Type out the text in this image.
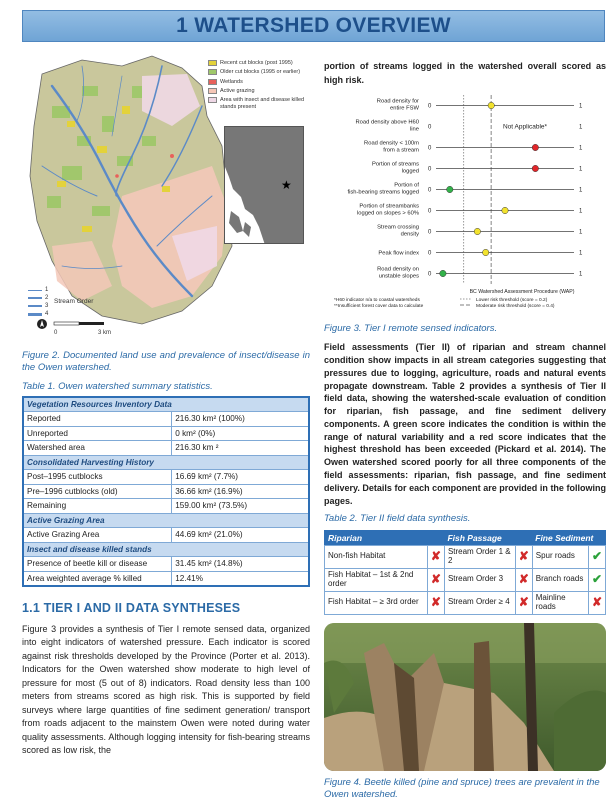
1 WATERSHED OVERVIEW
Recent cut blocks (post 1995)
Older cut blocks (1995 or earlier)
Wetlands
Active grazing
Area with insect and disease killed stands present
★
1
2
3
4
Stream Order
0	3 km

Figure 2. Documented land use and prevalence of insect/disease in the Owen watershed.

Table 1. Owen watershed summary statistics.

Vegetation Resources Inventory Data	
Reported	216.30 km² (100%)
Unreported	0 km² (0%)
Watershed area	216.30 km ²
Consolidated Harvesting History	
Post–1995 cutblocks	16.69 km² (7.7%)
Pre–1996 cutblocks (old)	36.66 km² (16.9%)
Remaining	159.00 km² (73.5%)
Active Grazing Area	
Active Grazing Area	44.69 km² (21.0%)
Insect and disease killed stands	
Presence of beetle kill or disease	31.45 km² (14.8%)
Area weighted average % killed	12.41%
1.1 TIER I AND II DATA SYNTHESES

Figure 3 provides a synthesis of Tier I remote sensed data, organized into eight indicators of watershed pressure. Each indicator is scored against risk thresholds developed by the Province (Porter et al. 2013). Indicators for the Owen watershed show moderate to high level of pressure for most (5 out of 8) indicators. Road density less than 100 meters from streams scored as high risk. This is supported by field surveys where large quantities of fine sediment generation/ transport from roads adjacent to the mainstem Owen were noted during water quality assessments. Although logging intensity for fish-bearing streams scored as low risk, the

portion of streams logged in the watershed overall scored as high risk.

Road density for entire FSW 0	1
Road density above H60 line 0	1
Not Applicable*
Road density < 100m from a stream 0	1
Portion of streams logged 0	1
Portion of fish-bearing streams logged 0	1
Portion of streambanks logged on slopes > 60% 0	1
Stream crossing density 0	1
Peak flow index 0	1
Road density on unstable slopes 0	1
BC Watershed Assessment Procedure (WAP)
*H60 indicator n/a to coastal watersheds
**Insufficient forest cover data to calculate
Lower risk threshold (score = 0.2)
Moderate risk threshold (score = 0.4)

Figure 3. Tier I remote sensed indicators.

Field assessments (Tier II) of riparian and stream channel condition show impacts in all stream categories suggesting that pressures due to logging, agriculture, roads and natural events propagate downstream. Table 2 provides a synthesis of Tier II field data, showing the watershed-scale evaluation of condition for riparian, fish passage, and fine sediment delivery components. A green score indicates the condition is within the range of natural variability and a red score indicates that the highest threshold has been exceeded (Pickard et al. 2014). The Owen watershed scored poorly for all three components of the field assessments: riparian, fish passage, and fine sediment delivery. Details for each component are provided in the following pages.

Table 2. Tier II field data synthesis.

Riparian		Fish Passage		Fine Sediment	
Non-fish Habitat	✘	Stream Order 1 & 2	✘	Spur roads	✔
Fish Habitat – 1st & 2nd order	✘	Stream Order 3	✘	Branch roads	✔
Fish Habitat – ≥ 3rd order	✘	Stream Order ≥ 4	✘	Mainline roads	✘

Figure 4. Beetle killed (pine and spruce) trees are prevalent in the Owen watershed.
